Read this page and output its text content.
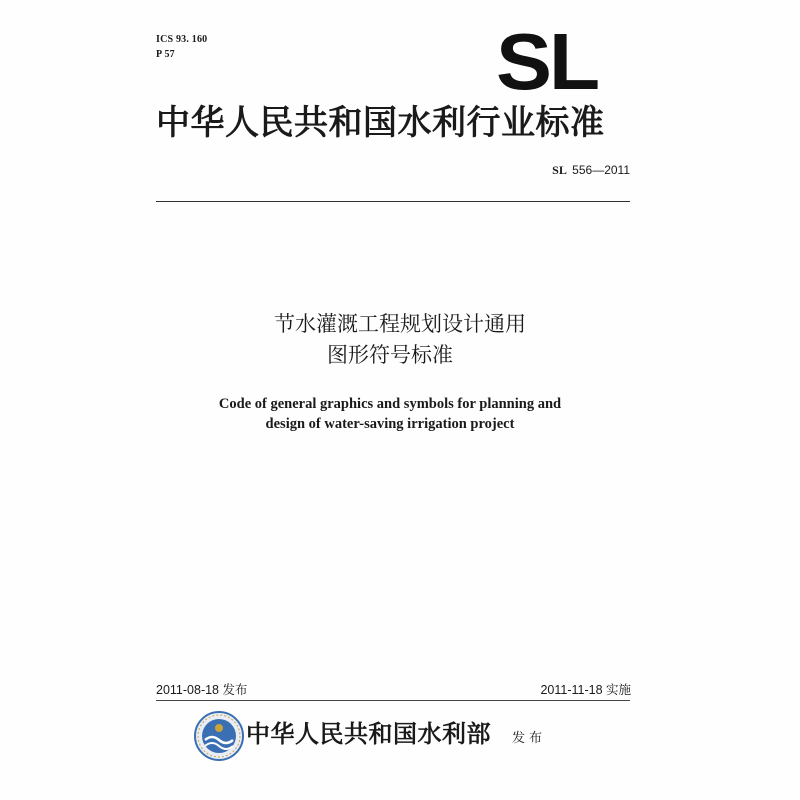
ICS 93. 160
P 57	SL
中华人民共和国水利行业标准
SL 556—2011
节水灌溉工程规划设计通用
图形符号标准
Code of general graphics and symbols for planning and
design of water-saving irrigation project
2011-08-18 发布	2011-11-18 实施
中华人民共和国水利部 发布
